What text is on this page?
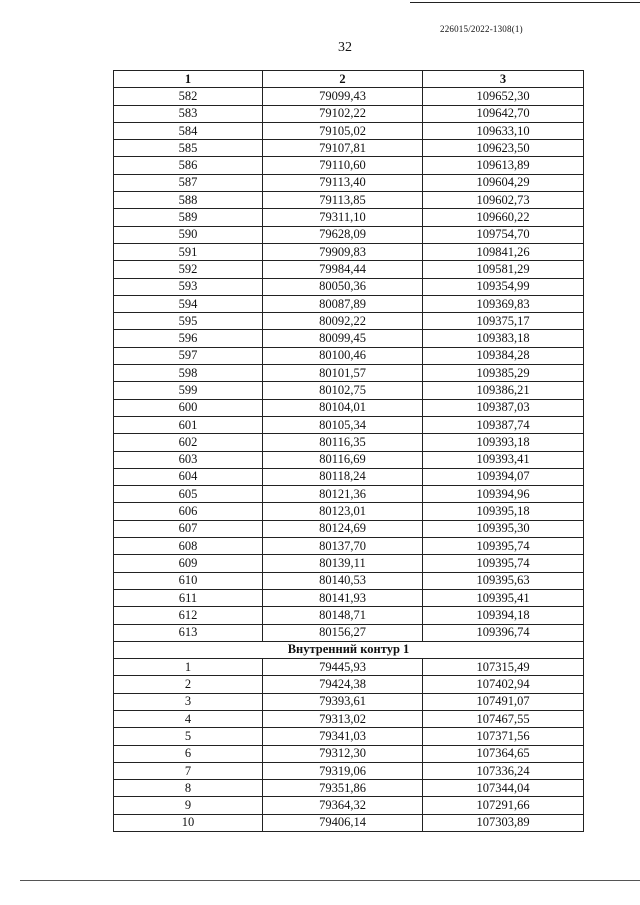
226015/2022-1308(1)
32
1	2	3
582	79099,43	109652,30
583	79102,22	109642,70
584	79105,02	109633,10
585	79107,81	109623,50
586	79110,60	109613,89
587	79113,40	109604,29
588	79113,85	109602,73
589	79311,10	109660,22
590	79628,09	109754,70
591	79909,83	109841,26
592	79984,44	109581,29
593	80050,36	109354,99
594	80087,89	109369,83
595	80092,22	109375,17
596	80099,45	109383,18
597	80100,46	109384,28
598	80101,57	109385,29
599	80102,75	109386,21
600	80104,01	109387,03
601	80105,34	109387,74
602	80116,35	109393,18
603	80116,69	109393,41
604	80118,24	109394,07
605	80121,36	109394,96
606	80123,01	109395,18
607	80124,69	109395,30
608	80137,70	109395,74
609	80139,11	109395,74
610	80140,53	109395,63
611	80141,93	109395,41
612	80148,71	109394,18
613	80156,27	109396,74
Внутренний контур 1		
1	79445,93	107315,49
2	79424,38	107402,94
3	79393,61	107491,07
4	79313,02	107467,55
5	79341,03	107371,56
6	79312,30	107364,65
7	79319,06	107336,24
8	79351,86	107344,04
9	79364,32	107291,66
10	79406,14	107303,89
